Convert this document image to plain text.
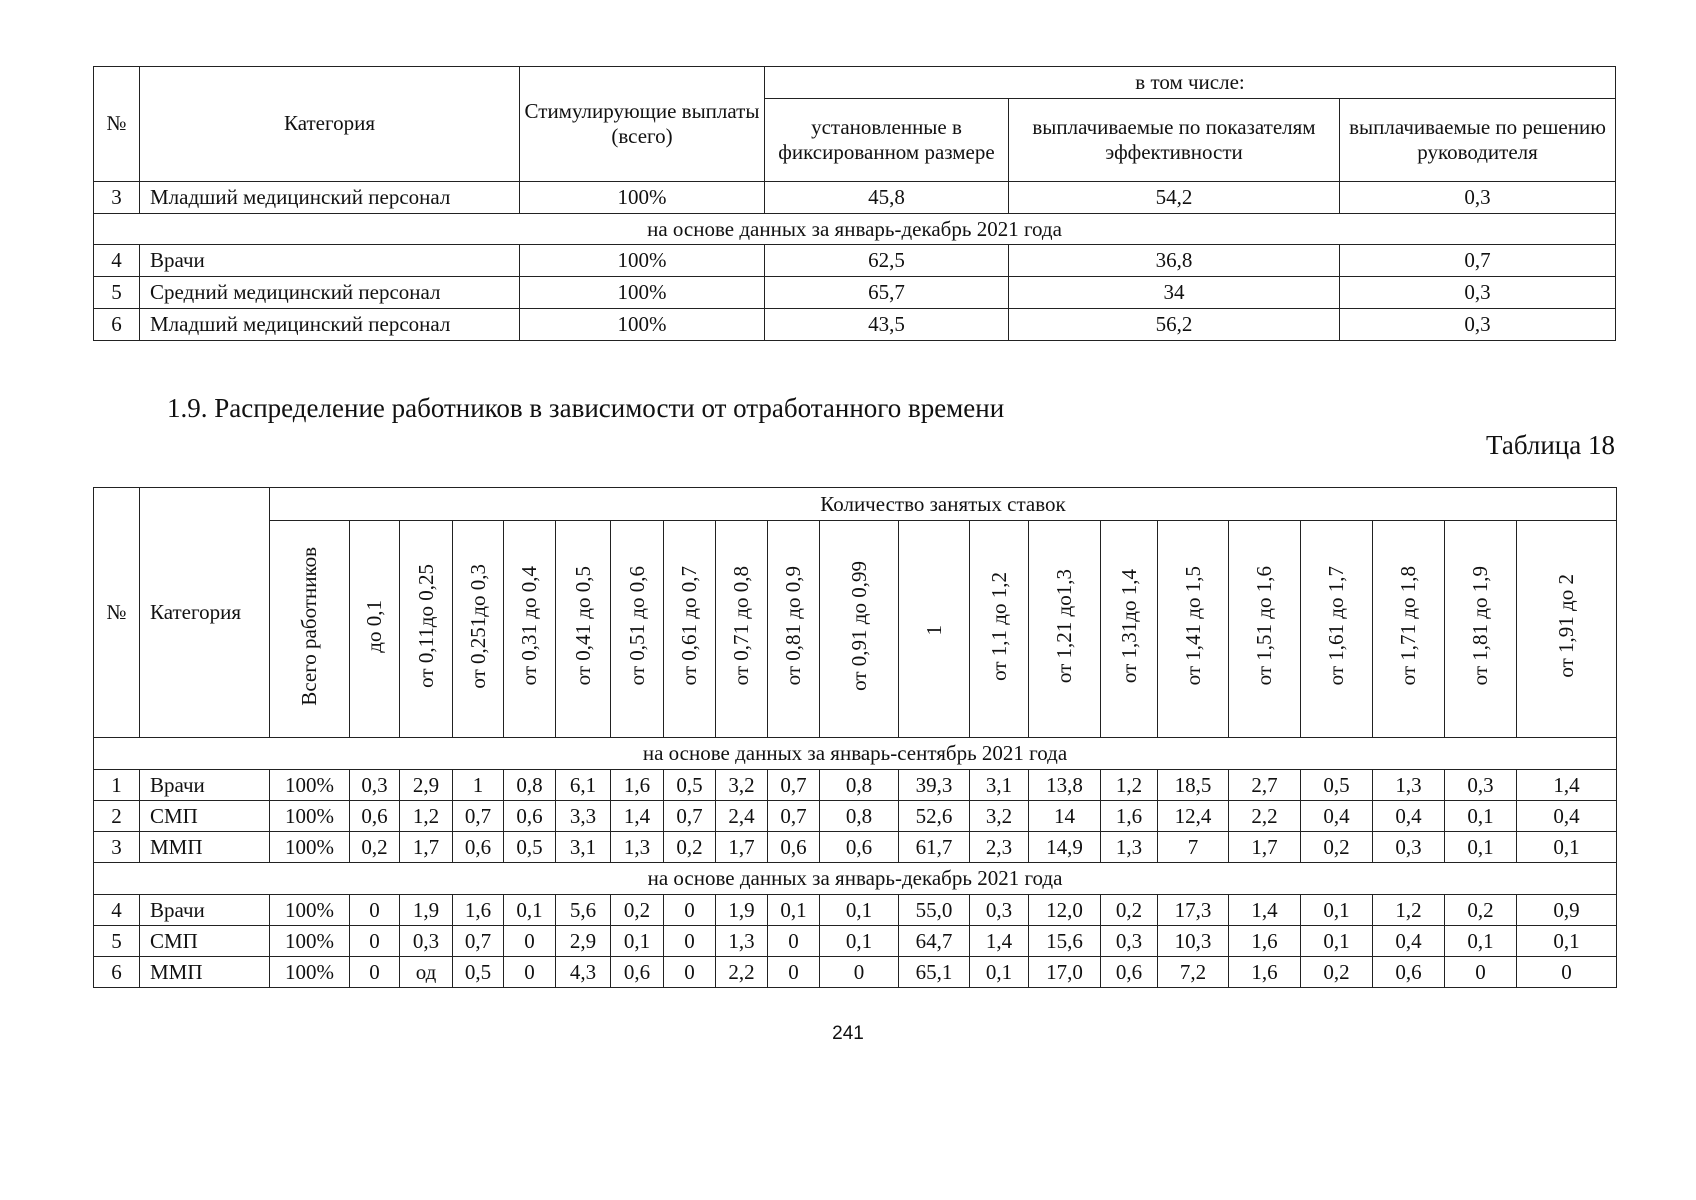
№	Категория	Стимулирующие выплаты (всего)	в том числе:		
			установленные в фиксированном размере	выплачиваемые по показателям эффективности	выплачиваемые по решению руководителя
3	Младший медицинский персонал	100%	45,8	54,2	0,3
на основе данных за январь-декабрь 2021 года					
4	Врачи	100%	62,5	36,8	0,7
5	Средний медицинский персонал	100%	65,7	34	0,3
6	Младший медицинский персонал	100%	43,5	56,2	0,3
1.9. Распределение работников в зависимости от отработанного времени
Таблица 18
№	Категория	Количество занятых ставок																				
		Всего работников	до 0,1	от 0,11до 0,25	от 0,251до 0,3	от 0,31 до 0,4	от 0,41 до 0,5	от 0,51 до 0,6	от 0,61 до 0,7	от 0,71 до 0,8	от 0,81 до 0,9	от 0,91 до 0,99	1	от 1,1 до 1,2	от 1,21 до1,3	от 1,31до 1,4	от 1,41 до 1,5	от 1,51 до 1,6	от 1,61 до 1,7	от 1,71 до 1,8	от 1,81 до 1,9	от 1,91 до 2
на основе данных за январь-сентябрь 2021 года																						
1	Врачи	100%	0,3	2,9	1	0,8	6,1	1,6	0,5	3,2	0,7	0,8	39,3	3,1	13,8	1,2	18,5	2,7	0,5	1,3	0,3	1,4
2	СМП	100%	0,6	1,2	0,7	0,6	3,3	1,4	0,7	2,4	0,7	0,8	52,6	3,2	14	1,6	12,4	2,2	0,4	0,4	0,1	0,4
3	ММП	100%	0,2	1,7	0,6	0,5	3,1	1,3	0,2	1,7	0,6	0,6	61,7	2,3	14,9	1,3	7	1,7	0,2	0,3	0,1	0,1
на основе данных за январь-декабрь 2021 года																						
4	Врачи	100%	0	1,9	1,6	0,1	5,6	0,2	0	1,9	0,1	0,1	55,0	0,3	12,0	0,2	17,3	1,4	0,1	1,2	0,2	0,9
5	СМП	100%	0	0,3	0,7	0	2,9	0,1	0	1,3	0	0,1	64,7	1,4	15,6	0,3	10,3	1,6	0,1	0,4	0,1	0,1
6	ММП	100%	0	од	0,5	0	4,3	0,6	0	2,2	0	0	65,1	0,1	17,0	0,6	7,2	1,6	0,2	0,6	0	0
241
